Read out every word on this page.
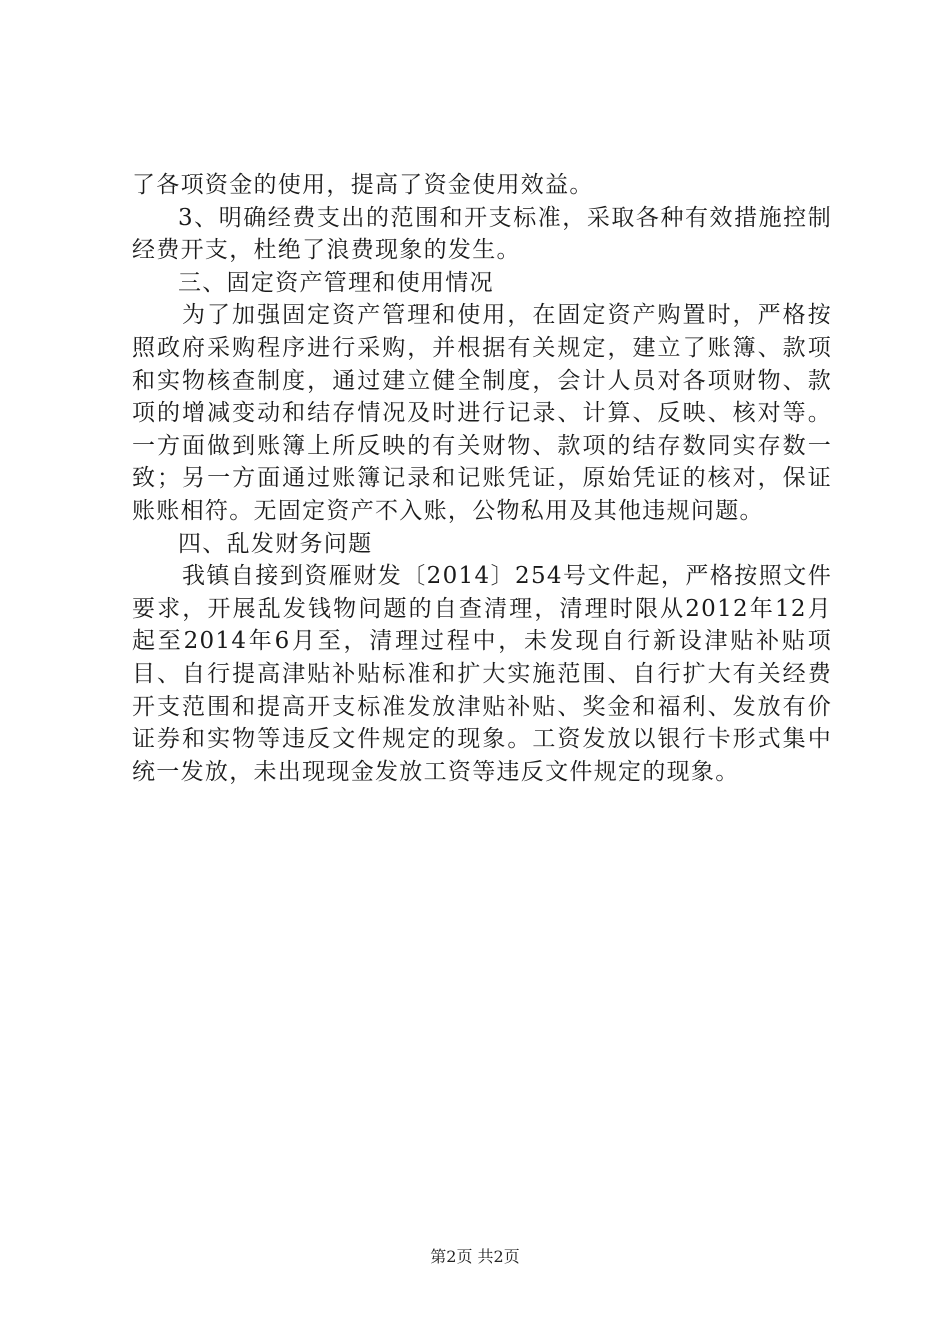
了各项资金的使用，提高了资金使用效益。

3、明确经费支出的范围和开支标准，采取各种有效措施控制经费开支，杜绝了浪费现象的发生。

三、固定资产管理和使用情况

为了加强固定资产管理和使用，在固定资产购置时，严格按照政府采购程序进行采购，并根据有关规定，建立了账簿、款项和实物核查制度，通过建立健全制度，会计人员对各项财物、款项的增减变动和结存情况及时进行记录、计算、反映、核对等。一方面做到账簿上所反映的有关财物、款项的结存数同实存数一致；另一方面通过账簿记录和记账凭证，原始凭证的核对，保证账账相符。无固定资产不入账，公物私用及其他违规问题。

四、乱发财务问题

我镇自接到资雁财发〔2014〕254号文件起，严格按照文件要求，开展乱发钱物问题的自查清理，清理时限从2012年12月起至2014年6月至，清理过程中，未发现自行新设津贴补贴项目、自行提高津贴补贴标准和扩大实施范围、自行扩大有关经费开支范围和提高开支标准发放津贴补贴、奖金和福利、发放有价证券和实物等违反文件规定的现象。工资发放以银行卡形式集中统一发放，未出现现金发放工资等违反文件规定的现象。

第2页 共2页
